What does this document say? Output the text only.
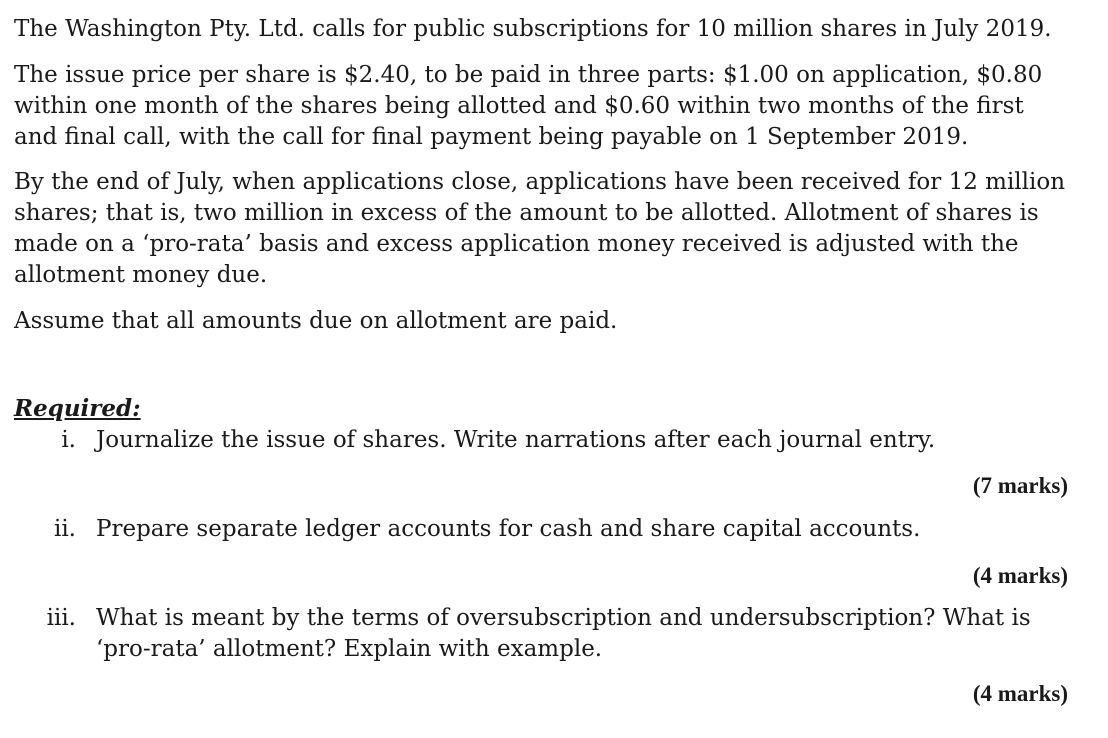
The Washington Pty. Ltd. calls for public subscriptions for 10 million shares in July 2019.

The issue price per share is $2.40, to be paid in three parts: $1.00 on application, $0.80 within one month of the shares being allotted and $0.60 within two months of the first and final call, with the call for final payment being payable on 1 September 2019.

By the end of July, when applications close, applications have been received for 12 million shares; that is, two million in excess of the amount to be allotted. Allotment of shares is made on a ‘pro-rata’ basis and excess application money received is adjusted with the allotment money due.

Assume that all amounts due on allotment are paid.

Required:
i. Journalize the issue of shares. Write narrations after each journal entry.
(7 marks)
ii. Prepare separate ledger accounts for cash and share capital accounts.
(4 marks)
iii. What is meant by the terms of oversubscription and undersubscription? What is ‘pro-rata’ allotment? Explain with example.
(4 marks)
